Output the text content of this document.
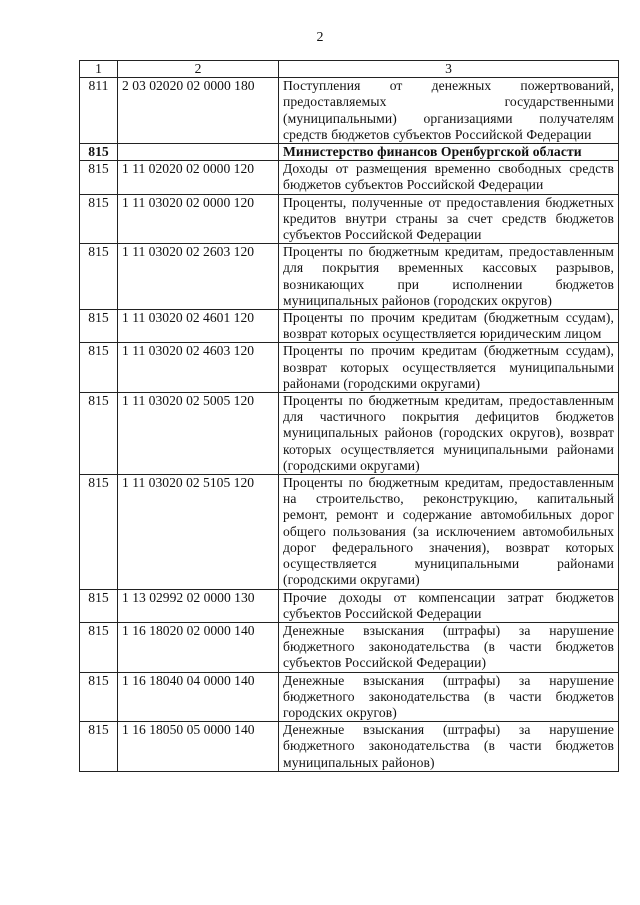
2
1	2	3
811	2 03 02020 02 0000 180	Поступления от денежных пожертвований, предоставляемых государственными (муниципальными) организациями получателям средств бюджетов субъектов Российской Федерации
815		Министерство финансов Оренбургской области
815	1 11 02020 02 0000 120	Доходы от размещения временно свободных средств бюджетов субъектов Российской Федерации
815	1 11 03020 02 0000 120	Проценты, полученные от предоставления бюджетных кредитов внутри страны за счет средств бюджетов субъектов Российской Федерации
815	1 11 03020 02 2603 120	Проценты по бюджетным кредитам, предоставленным для покрытия временных кассовых разрывов, возникающих при исполнении бюджетов муниципальных районов (городских округов)
815	1 11 03020 02 4601 120	Проценты по прочим кредитам (бюджетным ссудам), возврат которых осуществляется юридическим лицом
815	1 11 03020 02 4603 120	Проценты по прочим кредитам (бюджетным ссудам), возврат которых осуществляется муниципальными районами (городскими округами)
815	1 11 03020 02 5005 120	Проценты по бюджетным кредитам, предоставленным для частичного покрытия дефицитов бюджетов муниципальных районов (городских округов), возврат которых осуществляется муниципальными районами (городскими округами)
815	1 11 03020 02 5105 120	Проценты по бюджетным кредитам, предоставленным на строительство, реконструкцию, капитальный ремонт, ремонт и содержание автомобильных дорог общего пользования (за исключением автомобильных дорог федерального значения), возврат которых осуществляется муниципальными районами (городскими округами)
815	1 13 02992 02 0000 130	Прочие доходы от компенсации затрат бюджетов субъектов Российской Федерации
815	1 16 18020 02 0000 140	Денежные взыскания (штрафы) за нарушение бюджетного законодательства (в части бюджетов субъектов Российской Федерации)
815	1 16 18040 04 0000 140	Денежные взыскания (штрафы) за нарушение бюджетного законодательства (в части бюджетов городских округов)
815	1 16 18050 05 0000 140	Денежные взыскания (штрафы) за нарушение бюджетного законодательства (в части бюджетов муниципальных районов)
